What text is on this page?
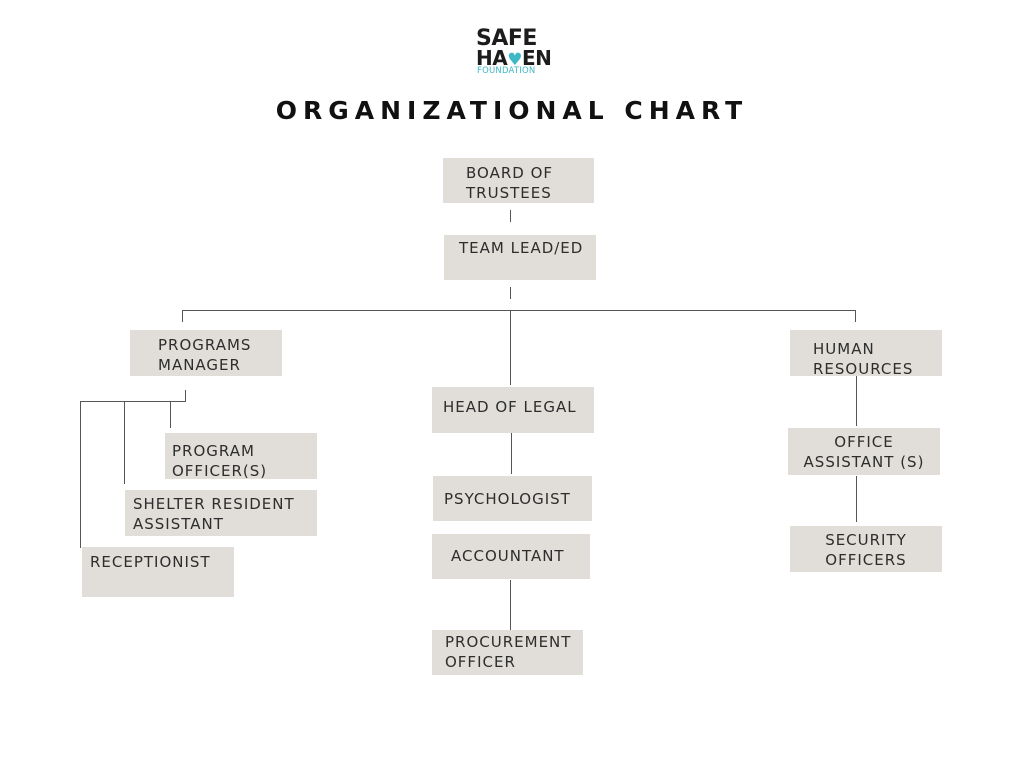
SAFE
HA♥EN
FOUNDATION
ORGANIZATIONAL CHART
BOARD OF
TRUSTEES
TEAM LEAD/ED
PROGRAMS
MANAGER
HEAD OF LEGAL
HUMAN
RESOURCES
PROGRAM
OFFICER(S)
SHELTER RESIDENT
ASSISTANT
RECEPTIONIST
PSYCHOLOGIST
ACCOUNTANT
PROCUREMENT
OFFICER
OFFICE
ASSISTANT (S)
SECURITY
OFFICERS
